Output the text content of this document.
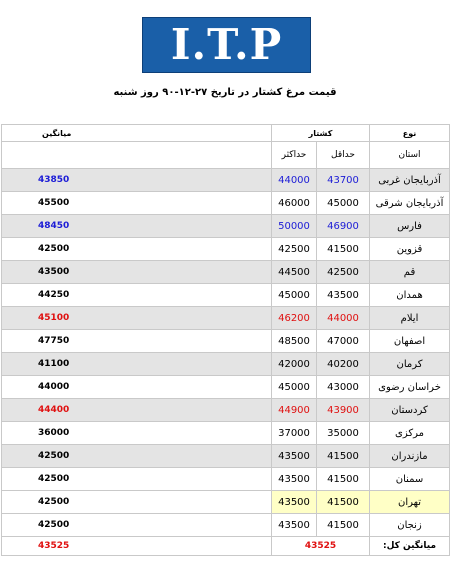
I.T.P
قیمت مرغ کشتار در تاریخ ۲۷-۱۲-۹۰ روز شنبه
میانگین	کشتار		نوع
	حداکثر	حداقل	استان
43850	44000	43700	آذربایجان غربی
45500	46000	45000	آذربایجان شرقی
48450	50000	46900	فارس
42500	42500	41500	قزوین
43500	44500	42500	قم
44250	45000	43500	همدان
45100	46200	44000	ایلام
47750	48500	47000	اصفهان
41100	42000	40200	کرمان
44000	45000	43000	خراسان رضوی
44400	44900	43900	کردستان
36000	37000	35000	مرکزی
42500	43500	41500	مازندران
42500	43500	41500	سمنان
42500	43500	41500	تهران
42500	43500	41500	زنجان
43525	43525		میانگین کل:
